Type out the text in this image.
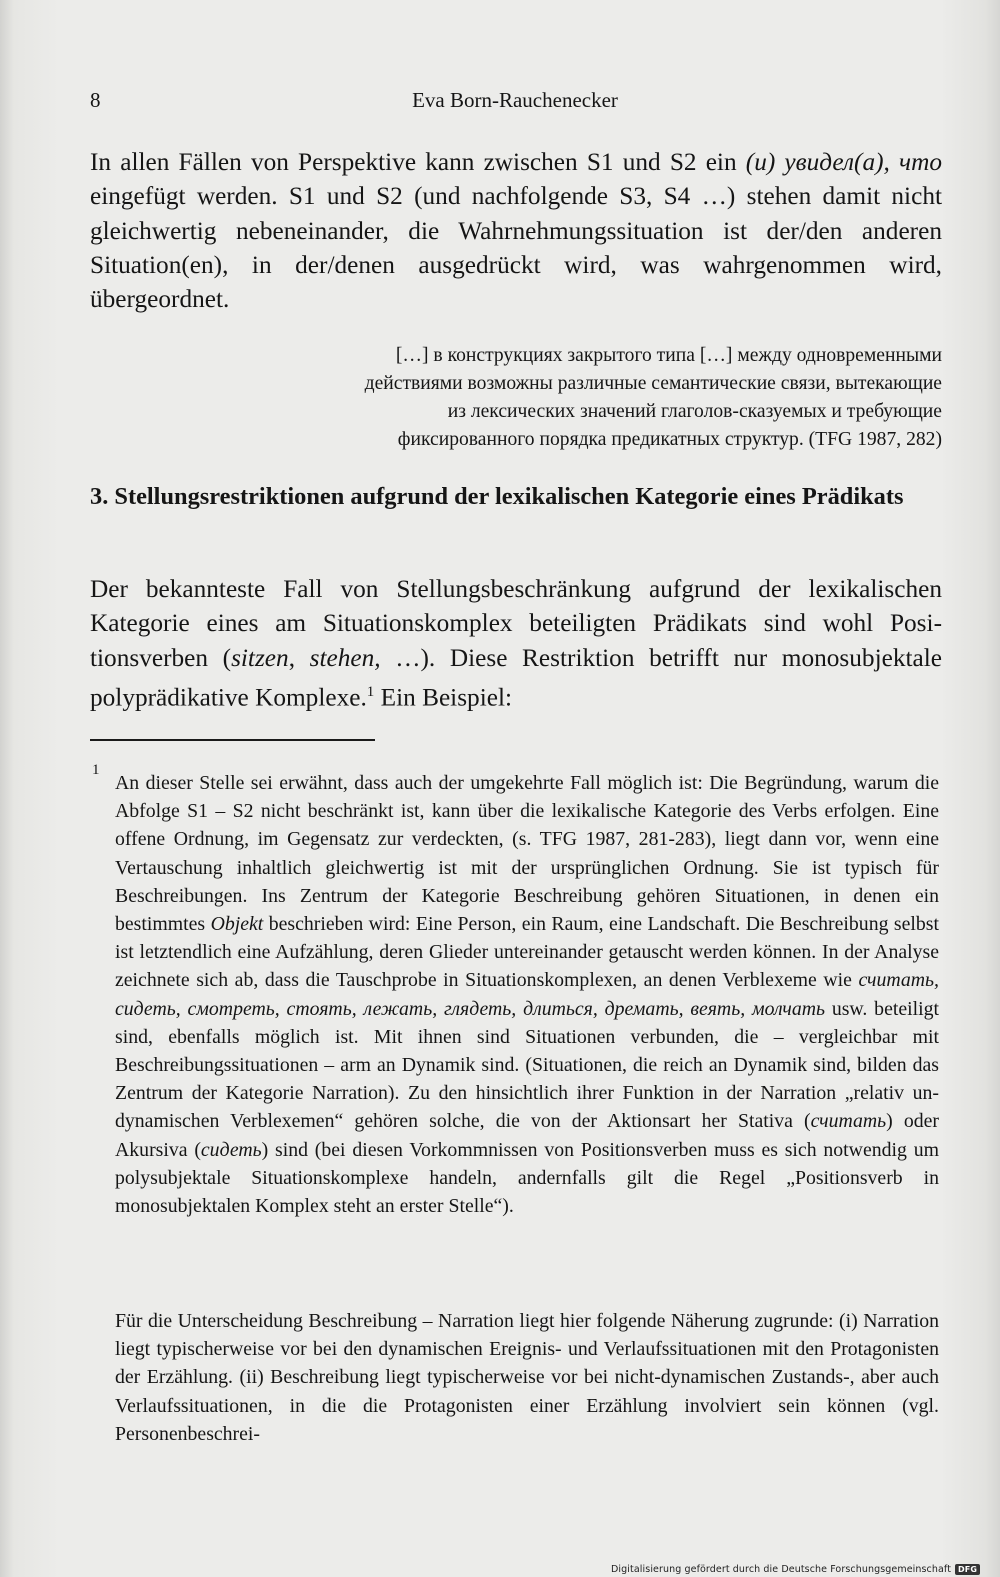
8	Eva Born-Rauchenecker

In allen Fällen von Perspektive kann zwischen S1 und S2 ein (и) увидел(а), что eingefügt werden. S1 und S2 (und nachfolgende S3, S4 …) stehen damit nicht gleichwertig nebeneinander, die Wahrnehmungssituation ist der/den anderen Situation(en), in der/denen ausgedrückt wird, was wahrgenommen wird, übergeordnet.

[…] в конструкциях закрытого типа […] между одновременными
действиями возможны различные семантические связи, вытекающие
из лексических значений глаголов-сказуемых и требующие
фиксированного порядка предикатных структур. (TFG 1987, 282)
3. Stellungsrestriktionen aufgrund der lexikalischen Kategorie eines Prädikats

Der bekannteste Fall von Stellungsbeschränkung aufgrund der lexikalischen Kategorie eines am Situationskomplex beteiligten Prädikats sind wohl Positionsverben (sitzen, stehen, …). Diese Restriktion betrifft nur monosubjektale polyprädikative Komplexe.$^1$ Ein Beispiel:

1

An dieser Stelle sei erwähnt, dass auch der umgekehrte Fall möglich ist: Die Begründung, warum die Abfolge S1 – S2 nicht beschränkt ist, kann über die lexikalische Kategorie des Verbs erfolgen. Eine offene Ordnung, im Gegensatz zur verdeckten, (s. TFG 1987, 281-283), liegt dann vor, wenn eine Vertauschung inhaltlich gleichwertig ist mit der ursprünglichen Ordnung. Sie ist typisch für Beschreibungen. Ins Zentrum der Kategorie Beschreibung gehören Situationen, in denen ein bestimmtes Objekt beschrieben wird: Eine Person, ein Raum, eine Landschaft. Die Beschreibung selbst ist letztendlich eine Aufzählung, deren Glieder untereinander getauscht werden können. In der Analyse zeichnete sich ab, dass die Tauschprobe in Situationskomplexen, an denen Verblexeme wie считать, сидеть, смотреть, стоять, лежать, глядеть, длиться, дремать, веять, молчать usw. beteiligt sind, ebenfalls möglich ist. Mit ihnen sind Situationen verbunden, die – vergleichbar mit Beschreibungssituationen – arm an Dynamik sind. (Situationen, die reich an Dynamik sind, bilden das Zentrum der Kategorie Narration). Zu den hinsichtlich ihrer Funktion in der Narration „relativ undynamischen Verblexemen“ gehören solche, die von der Aktionsart her Stativa (считать) oder Akursiva (сидеть) sind (bei diesen Vorkommnissen von Positionsverben muss es sich notwendig um polysubjektale Situationskomplexe handeln, andernfalls gilt die Regel „Positionsverb in monosubjektalen Komplex steht an erster Stelle“).

Für die Unterscheidung Beschreibung – Narration liegt hier folgende Näherung zugrunde: (i) Narration liegt typischerweise vor bei den dynamischen Ereignis- und Verlaufssituationen mit den Protagonisten der Erzählung. (ii) Beschreibung liegt typischerweise vor bei nicht-dynamischen Zustands-, aber auch Verlaufssituationen, in die die Protagonisten einer Erzählung involviert sein können (vgl. Personenbeschrei-

Digitalisierung gefördert durch die Deutsche Forschungsgemeinschaft DFG
